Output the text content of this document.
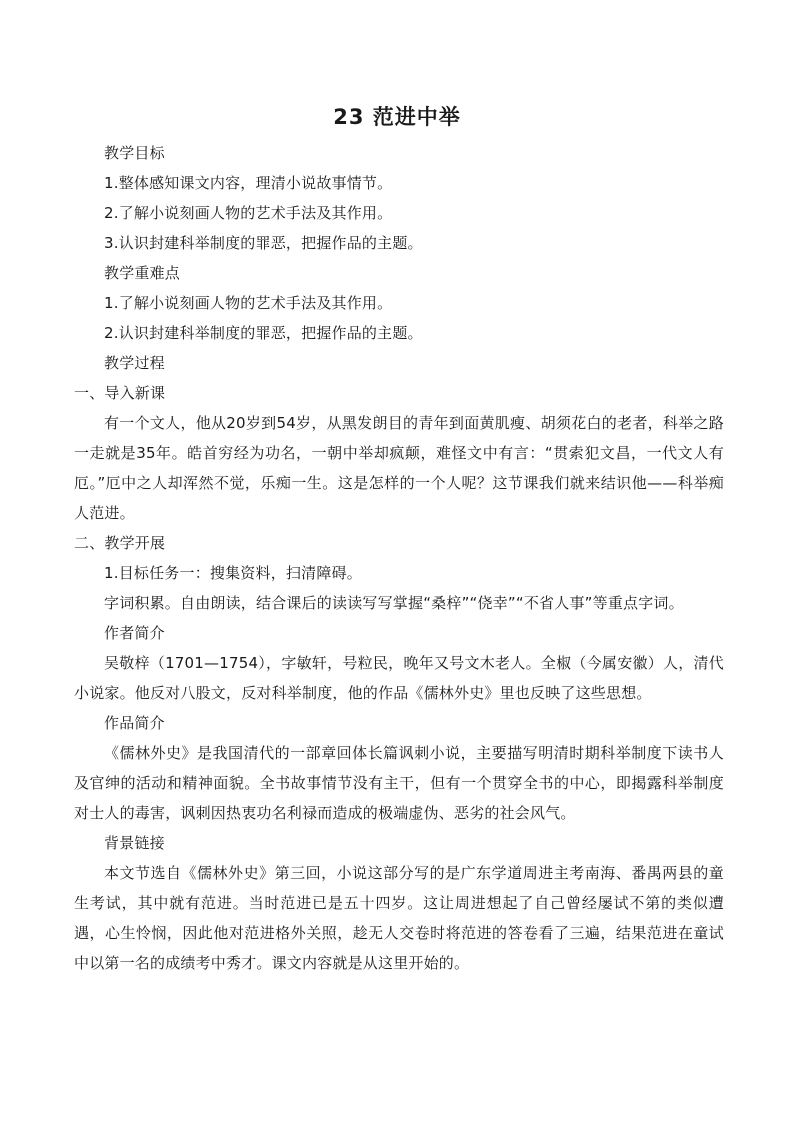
23 范进中举
教学目标
1.整体感知课文内容，理清小说故事情节。
2.了解小说刻画人物的艺术手法及其作用。
3.认识封建科举制度的罪恶，把握作品的主题。
教学重难点
1.了解小说刻画人物的艺术手法及其作用。
2.认识封建科举制度的罪恶，把握作品的主题。
教学过程
一、导入新课

有一个文人，他从20岁到54岁，从黑发朗目的青年到面黄肌瘦、胡须花白的老者，科举之路一走就是35年。皓首穷经为功名，一朝中举却疯颠，难怪文中有言：“贯索犯文昌，一代文人有厄。”厄中之人却浑然不觉，乐痴一生。这是怎样的一个人呢？这节课我们就来结识他——科举痴人范进。

二、教学开展
1.目标任务一：搜集资料，扫清障碍。

字词积累。自由朗读，结合课后的读读写写掌握“桑梓”“侥幸”“不省人事”等重点字词。

作者简介

吴敬梓（1701—1754），字敏轩，号粒民，晚年又号文木老人。全椒（今属安徽）人，清代小说家。他反对八股文，反对科举制度，他的作品《儒林外史》里也反映了这些思想。

作品简介

《儒林外史》是我国清代的一部章回体长篇讽刺小说，主要描写明清时期科举制度下读书人及官绅的活动和精神面貌。全书故事情节没有主干，但有一个贯穿全书的中心，即揭露科举制度对士人的毒害，讽刺因热衷功名利禄而造成的极端虚伪、恶劣的社会风气。

背景链接

本文节选自《儒林外史》第三回，小说这部分写的是广东学道周进主考南海、番禺两县的童生考试，其中就有范进。当时范进已是五十四岁。这让周进想起了自己曾经屡试不第的类似遭遇，心生怜悯，因此他对范进格外关照，趁无人交卷时将范进的答卷看了三遍，结果范进在童试中以第一名的成绩考中秀才。课文内容就是从这里开始的。
